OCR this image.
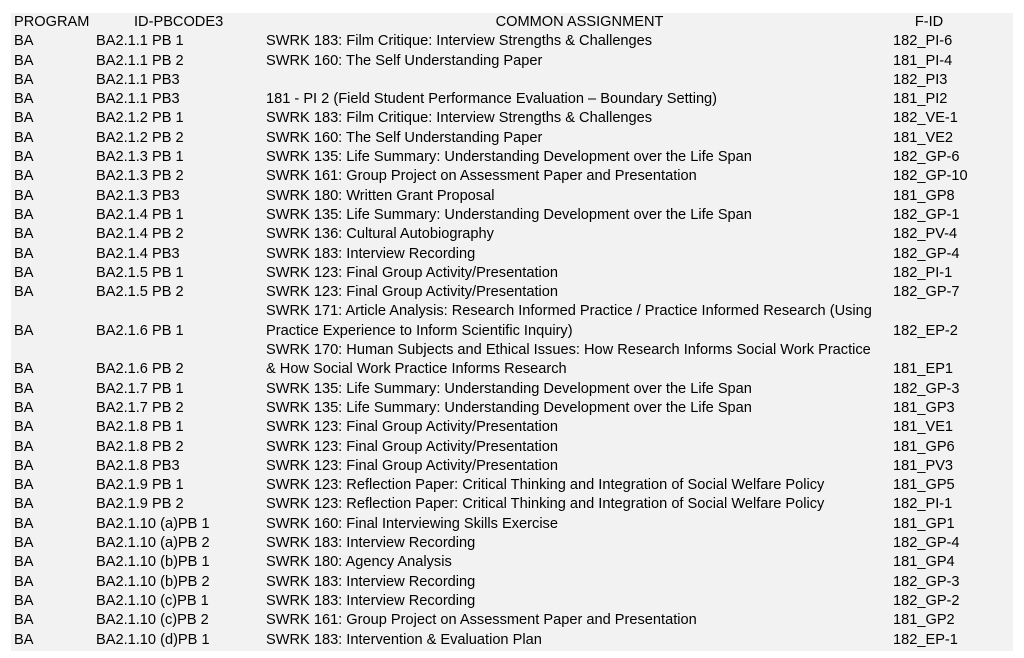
PROGRAM	ID-PBCODE3	COMMON ASSIGNMENT	F-ID
BA	BA2.1.1 PB 1	SWRK 183: Film Critique: Interview Strengths & Challenges	182_PI-6
BA	BA2.1.1 PB 2	SWRK 160: The Self Understanding Paper	181_PI-4
BA	BA2.1.1 PB3		182_PI3
BA	BA2.1.1 PB3	181 - PI 2 (Field Student Performance Evaluation – Boundary Setting)	181_PI2
BA	BA2.1.2 PB 1	SWRK 183: Film Critique: Interview Strengths & Challenges	182_VE-1
BA	BA2.1.2 PB 2	SWRK 160: The Self Understanding Paper	181_VE2
BA	BA2.1.3 PB 1	SWRK 135: Life Summary: Understanding Development over the Life Span	182_GP-6
BA	BA2.1.3 PB 2	SWRK 161: Group Project on Assessment Paper and Presentation	182_GP-10
BA	BA2.1.3 PB3	SWRK 180: Written Grant Proposal	181_GP8
BA	BA2.1.4 PB 1	SWRK 135: Life Summary: Understanding Development over the Life Span	182_GP-1
BA	BA2.1.4 PB 2	SWRK 136: Cultural Autobiography	182_PV-4
BA	BA2.1.4 PB3	SWRK 183: Interview Recording	182_GP-4
BA	BA2.1.5 PB 1	SWRK 123: Final Group Activity/Presentation	182_PI-1
BA	BA2.1.5 PB 2	SWRK 123: Final Group Activity/Presentation	182_GP-7
BA	BA2.1.6 PB 1	SWRK 171: Article Analysis: Research Informed Practice / Practice Informed Research (Using Practice Experience to Inform Scientific Inquiry)	182_EP-2
BA	BA2.1.6 PB 2	SWRK 170: Human Subjects and Ethical Issues: How Research Informs Social Work Practice & How Social Work Practice Informs Research	181_EP1
BA	BA2.1.7 PB 1	SWRK 135: Life Summary: Understanding Development over the Life Span	182_GP-3
BA	BA2.1.7 PB 2	SWRK 135: Life Summary: Understanding Development over the Life Span	181_GP3
BA	BA2.1.8 PB 1	SWRK 123: Final Group Activity/Presentation	181_VE1
BA	BA2.1.8 PB 2	SWRK 123: Final Group Activity/Presentation	181_GP6
BA	BA2.1.8 PB3	SWRK 123: Final Group Activity/Presentation	181_PV3
BA	BA2.1.9 PB 1	SWRK 123: Reflection Paper: Critical Thinking and Integration of Social Welfare Policy	181_GP5
BA	BA2.1.9 PB 2	SWRK 123: Reflection Paper: Critical Thinking and Integration of Social Welfare Policy	182_PI-1
BA	BA2.1.10 (a)PB 1	SWRK 160: Final Interviewing Skills Exercise	181_GP1
BA	BA2.1.10 (a)PB 2	SWRK 183: Interview Recording	182_GP-4
BA	BA2.1.10 (b)PB 1	SWRK 180: Agency Analysis	181_GP4
BA	BA2.1.10 (b)PB 2	SWRK 183: Interview Recording	182_GP-3
BA	BA2.1.10 (c)PB 1	SWRK 183: Interview Recording	182_GP-2
BA	BA2.1.10 (c)PB 2	SWRK 161: Group Project on Assessment Paper and Presentation	181_GP2
BA	BA2.1.10 (d)PB 1	SWRK 183: Intervention & Evaluation Plan	182_EP-1
